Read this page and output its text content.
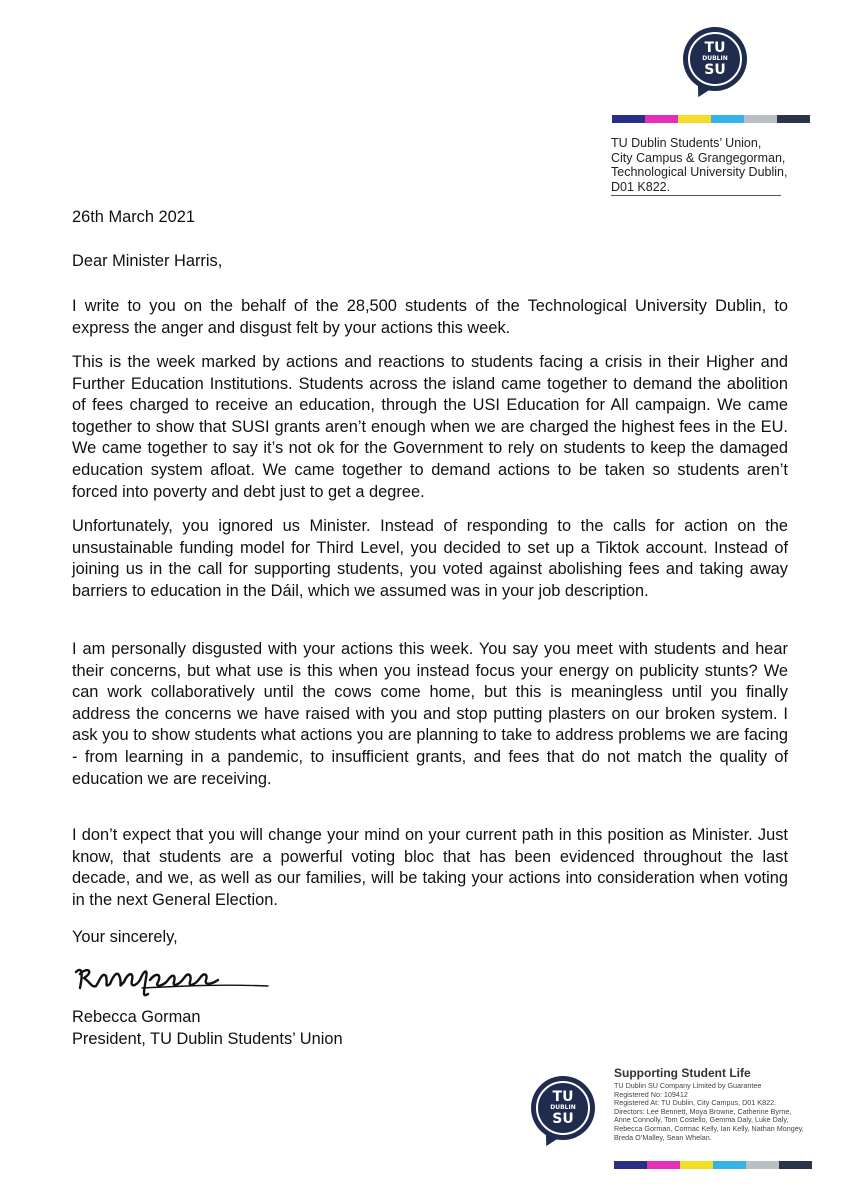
TU
DUBLIN
SU
TU Dublin Students’ Union,
City Campus & Grangegorman,
Technological University Dublin,
D01 K822.
26th March 2021
Dear Minister Harris,

I write to you on the behalf of the 28,500 students of the Technological University Dublin, to express the anger and disgust felt by your actions this week.

This is the week marked by actions and reactions to students facing a crisis in their Higher and Further Education Institutions. Students across the island came together to demand the abolition of fees charged to receive an education, through the USI Education for All campaign. We came together to show that SUSI grants aren’t enough when we are charged the highest fees in the EU. We came together to say it’s not ok for the Government to rely on students to keep the damaged education system afloat. We came together to demand actions to be taken so students aren’t forced into poverty and debt just to get a degree.

Unfortunately, you ignored us Minister. Instead of responding to the calls for action on the unsustainable funding model for Third Level, you decided to set up a Tiktok account. Instead of joining us in the call for supporting students, you voted against abolishing fees and taking away barriers to education in the Dáil, which we assumed was in your job description.

I am personally disgusted with your actions this week. You say you meet with students and hear their concerns, but what use is this when you instead focus your energy on publicity stunts? We can work collaboratively until the cows come home, but this is meaningless until you finally address the concerns we have raised with you and stop putting plasters on our broken system. I ask you to show students what actions you are planning to take to address problems we are facing - from learning in a pandemic, to insufficient grants, and fees that do not match the quality of education we are receiving.

I don’t expect that you will change your mind on your current path in this position as Minister. Just know, that students are a powerful voting bloc that has been evidenced throughout the last decade, and we, as well as our families, will be taking your actions into consideration when voting in the next General Election.

Your sincerely,
Rebecca Gorman
President, TU Dublin Students’ Union
TU
DUBLIN
SU
Supporting Student Life
TU Dublin SU Company Limited by Guarantee
Registered No: 109412
Registered At: TU Dublin, City Campus, D01 K822.
Directors: Lee Bennett, Moya Browne, Catherine Byrne,
Anne Connolly, Tom Costello, Gemma Daly, Luke Daly,
Rebecca Gorman, Cormac Kelly, Ian Kelly, Nathan Mongey,
Breda O’Malley, Sean Whelan.
